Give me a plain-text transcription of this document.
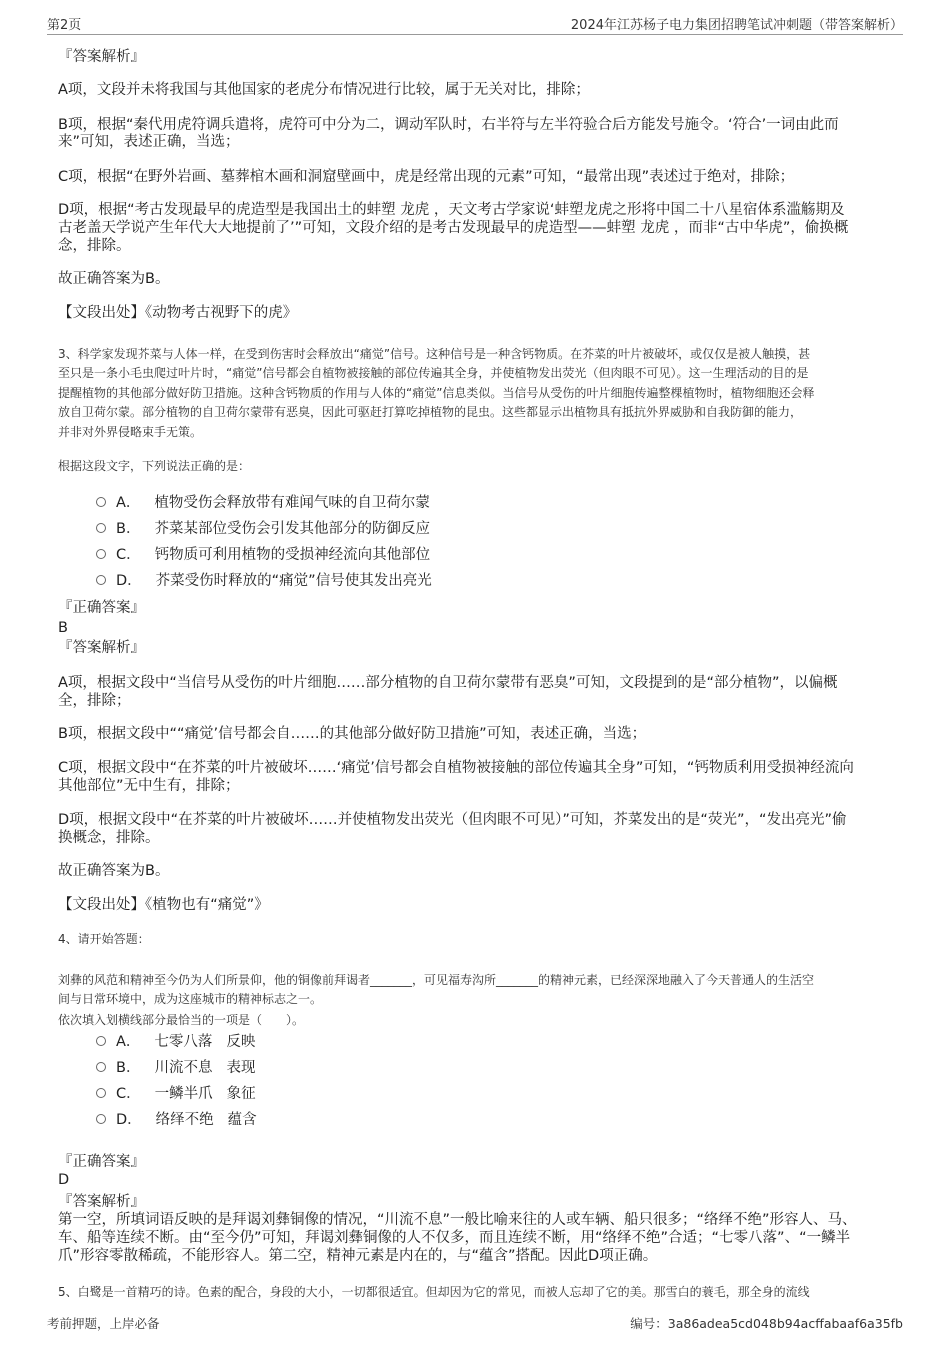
第2页	2024年江苏杨子电力集团招聘笔试冲刺题（带答案解析）
『答案解析』
A项，文段并未将我国与其他国家的老虎分布情况进行比较，属于无关对比，排除；
B项，根据“秦代用虎符调兵遣将，虎符可中分为二，调动军队时，右半符与左半符验合后方能发号施令。‘符合’一词由此而
来”可知，表述正确，当选；
C项，根据“在野外岩画、墓葬棺木画和洞窟壁画中，虎是经常出现的元素”可知，“最常出现”表述过于绝对，排除；
D项，根据“考古发现最早的虎造型是我国出土的蚌塑 龙虎 ，天文考古学家说‘蚌塑龙虎之形将中国二十八星宿体系滥觞期及
古老盖天学说产生年代大大地提前了’”可知，文段介绍的是考古发现最早的虎造型——蚌塑 龙虎 ，而非“古中华虎”，偷换概
念，排除。
故正确答案为B。
【文段出处】《动物考古视野下的虎》
3、科学家发现芥菜与人体一样，在受到伤害时会释放出“痛觉”信号。这种信号是一种含钙物质。在芥菜的叶片被破坏，或仅仅是被人触摸，甚
至只是一条小毛虫爬过叶片时，“痛觉”信号都会自植物被接触的部位传遍其全身，并使植物发出荧光（但肉眼不可见）。这一生理活动的目的是
提醒植物的其他部分做好防卫措施。这种含钙物质的作用与人体的“痛觉”信息类似。当信号从受伤的叶片细胞传遍整棵植物时，植物细胞还会释
放自卫荷尔蒙。部分植物的自卫荷尔蒙带有恶臭，因此可驱赶打算吃掉植物的昆虫。这些都显示出植物具有抵抗外界威胁和自我防御的能力，
并非对外界侵略束手无策。
根据这段文字，下列说法正确的是：
A． 植物受伤会释放带有难闻气味的自卫荷尔蒙
B． 芥菜某部位受伤会引发其他部分的防御反应
C． 钙物质可利用植物的受损神经流向其他部位
D． 芥菜受伤时释放的“痛觉”信号使其发出亮光
『正确答案』
B
『答案解析』
A项，根据文段中“当信号从受伤的叶片细胞……部分植物的自卫荷尔蒙带有恶臭”可知，文段提到的是“部分植物”，以偏概
全，排除；
B项，根据文段中““痛觉’信号都会自……的其他部分做好防卫措施”可知，表述正确，当选；
C项，根据文段中“在芥菜的叶片被破坏……‘痛觉’信号都会自植物被接触的部位传遍其全身”可知，“钙物质利用受损神经流向
其他部位”无中生有，排除；
D项，根据文段中“在芥菜的叶片被破坏……并使植物发出荧光（但肉眼不可见）”可知，芥菜发出的是“荧光”，“发出亮光”偷
换概念，排除。
故正确答案为B。
【文段出处】《植物也有“痛觉”》
4、请开始答题：
刘彝的风范和精神至今仍为人们所景仰，他的铜像前拜谒者_______，可见福寿沟所_______的精神元素，已经深深地融入了今天普通人的生活空
间与日常环境中，成为这座城市的精神标志之一。
依次填入划横线部分最恰当的一项是（　　）。
A． 七零八落 反映
B． 川流不息 表现
C． 一鳞半爪 象征
D． 络绎不绝 蕴含
『正确答案』
D
『答案解析』
第一空，所填词语反映的是拜谒刘彝铜像的情况，“川流不息”一般比喻来往的人或车辆、船只很多；“络绎不绝”形容人、马、
车、船等连续不断。由“至今仍”可知，拜谒刘彝铜像的人不仅多，而且连续不断，用“络绎不绝”合适；“七零八落”、“一鳞半
爪”形容零散稀疏，不能形容人。第二空，精神元素是内在的，与“蕴含”搭配。因此D项正确。
5、白鹭是一首精巧的诗。色素的配合，身段的大小，一切都很适宜。但却因为它的常见，而被人忘却了它的美。那雪白的蓑毛，那全身的流线
考前押题，上岸必备	编号：3a86adea5cd048b94acffabaaf6a35fb
